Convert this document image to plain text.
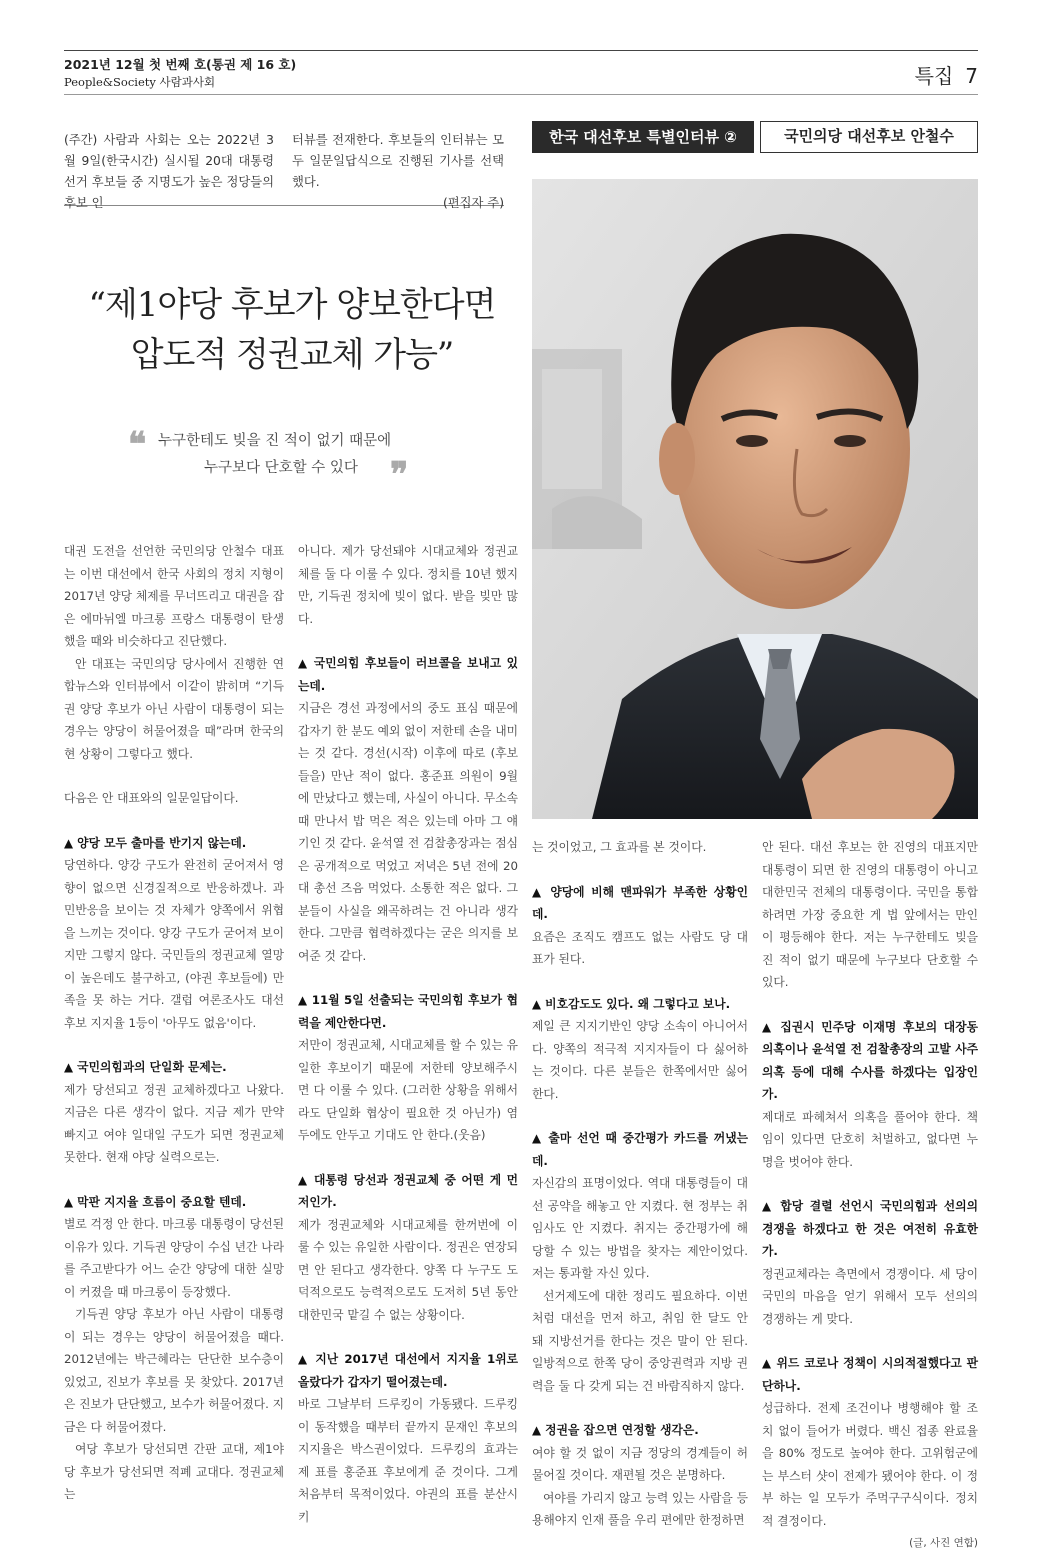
2021년 12월 첫 번째 호(통권 제 16 호)
People&Society 사람과사회	특집 7
(주간) 사람과 사회는 오는 2022년 3월 9일(한국시간) 실시될 20대 대통령선거 후보들 중 지명도가 높은 정당들의 후보 인
터뷰를 전재한다. 후보들의 인터뷰는 모두 일문일답식으로 진행된 기사를 선택했다.
(편집자 주)
한국 대선후보 특별인터뷰 ②	국민의당 대선후보 안철수
“제1야당 후보가 양보한다면
압도적 정권교체 가능”
❝ 누구한테도 빚을 진 적이 없기 때문에
누구보다 단호할 수 있다 ❞

대권 도전을 선언한 국민의당 안철수 대표는 이번 대선에서 한국 사회의 정치 지형이 2017년 양당 체제를 무너뜨리고 대권을 잡은 에마뉘엘 마크롱 프랑스 대통령이 탄생했을 때와 비슷하다고 진단했다.

안 대표는 국민의당 당사에서 진행한 연합뉴스와 인터뷰에서 이같이 밝히며 “기득권 양당 후보가 아닌 사람이 대통령이 되는 경우는 양당이 허물어졌을 때”라며 한국의 현 상황이 그렇다고 했다.

다음은 안 대표와의 일문일답이다.

▲ 양당 모두 출마를 반기지 않는데.

당연하다. 양강 구도가 완전히 굳어져서 영향이 없으면 신경질적으로 반응하겠나. 과민반응을 보이는 것 자체가 양쪽에서 위협을 느끼는 것이다. 양강 구도가 굳어져 보이지만 그렇지 않다. 국민들의 정권교체 열망이 높은데도 불구하고, (야권 후보들에) 만족을 못 하는 거다. 갤럽 여론조사도 대선 후보 지지율 1등이 '아무도 없음'이다.

▲ 국민의힘과의 단일화 문제는.

제가 당선되고 정권 교체하겠다고 나왔다. 지금은 다른 생각이 없다. 지금 제가 만약 빠지고 여야 일대일 구도가 되면 정권교체 못한다. 현재 야당 실력으로는.

▲ 막판 지지율 흐름이 중요할 텐데.

별로 걱정 안 한다. 마크롱 대통령이 당선된 이유가 있다. 기득권 양당이 수십 년간 나라를 주고받다가 어느 순간 양당에 대한 실망이 커졌을 때 마크롱이 등장했다.

기득권 양당 후보가 아닌 사람이 대통령이 되는 경우는 양당이 허물어졌을 때다. 2012년에는 박근혜라는 단단한 보수층이 있었고, 진보가 후보를 못 찾았다. 2017년은 진보가 단단했고, 보수가 허물어졌다. 지금은 다 허물어졌다.

여당 후보가 당선되면 간판 교대, 제1야당 후보가 당선되면 적폐 교대다. 정권교체는

아니다. 제가 당선돼야 시대교체와 정권교체를 둘 다 이룰 수 있다. 정치를 10년 했지만, 기득권 정치에 빚이 없다. 받을 빚만 많다.

▲ 국민의힘 후보들이 러브콜을 보내고 있는데.

지금은 경선 과정에서의 중도 표심 때문에 갑자기 한 분도 예외 없이 저한테 손을 내미는 것 같다. 경선(시작) 이후에 따로 (후보들을) 만난 적이 없다. 홍준표 의원이 9월에 만났다고 했는데, 사실이 아니다. 무소속 때 만나서 밥 먹은 적은 있는데 아마 그 얘기인 것 같다. 윤석열 전 검찰총장과는 점심은 공개적으로 먹었고 저녁은 5년 전에 20대 총선 즈음 먹었다. 소통한 적은 없다. 그분들이 사실을 왜곡하려는 건 아니라 생각한다. 그만큼 협력하겠다는 굳은 의지를 보여준 것 같다.

▲ 11월 5일 선출되는 국민의힘 후보가 협력을 제안한다면.

저만이 정권교체, 시대교체를 할 수 있는 유일한 후보이기 때문에 저한테 양보해주시면 다 이룰 수 있다. (그러한 상황을 위해서라도 단일화 협상이 필요한 것 아닌가) 염두에도 안두고 기대도 안 한다.(웃음)

▲ 대통령 당선과 정권교체 중 어떤 게 먼저인가.

제가 정권교체와 시대교체를 한꺼번에 이룰 수 있는 유일한 사람이다. 정권은 연장되면 안 된다고 생각한다. 양쪽 다 누구도 도덕적으로도 능력적으로도 도저히 5년 동안 대한민국 맡길 수 없는 상황이다.

▲ 지난 2017년 대선에서 지지율 1위로 올랐다가 갑자기 떨어졌는데.

바로 그날부터 드루킹이 가동됐다. 드루킹이 동작했을 때부터 끝까지 문재인 후보의 지지율은 박스권이었다. 드루킹의 효과는 제 표를 홍준표 후보에게 준 것이다. 그게 처음부터 목적이었다. 야권의 표를 분산시키

는 것이었고, 그 효과를 본 것이다.

▲ 양당에 비해 맨파워가 부족한 상황인데.

요즘은 조직도 캠프도 없는 사람도 당 대표가 된다.

▲ 비호감도도 있다. 왜 그렇다고 보나.

제일 큰 지지기반인 양당 소속이 아니어서다. 양쪽의 적극적 지지자들이 다 싫어하는 것이다. 다른 분들은 한쪽에서만 싫어한다.

▲ 출마 선언 때 중간평가 카드를 꺼냈는데.

자신감의 표명이었다. 역대 대통령들이 대선 공약을 해놓고 안 지켰다. 현 정부는 취임사도 안 지켰다. 취지는 중간평가에 해당할 수 있는 방법을 찾자는 제안이었다. 저는 통과할 자신 있다.

선거제도에 대한 정리도 필요하다. 이번처럼 대선을 먼저 하고, 취임 한 달도 안 돼 지방선거를 한다는 것은 말이 안 된다. 일방적으로 한쪽 당이 중앙권력과 지방 권력을 둘 다 갖게 되는 건 바람직하지 않다.

▲ 정권을 잡으면 연정할 생각은.

여야 할 것 없이 지금 정당의 경계들이 허물어질 것이다. 재편될 것은 분명하다.

여야를 가리지 않고 능력 있는 사람을 등용해야지 인재 풀을 우리 편에만 한정하면

안 된다. 대선 후보는 한 진영의 대표지만 대통령이 되면 한 진영의 대통령이 아니고 대한민국 전체의 대통령이다. 국민을 통합하려면 가장 중요한 게 법 앞에서는 만인이 평등해야 한다. 저는 누구한테도 빚을 진 적이 없기 때문에 누구보다 단호할 수 있다.

▲ 집권시 민주당 이재명 후보의 대장동 의혹이나 윤석열 전 검찰총장의 고발 사주 의혹 등에 대해 수사를 하겠다는 입장인가.

제대로 파헤쳐서 의혹을 풀어야 한다. 책임이 있다면 단호히 처벌하고, 없다면 누명을 벗어야 한다.

▲ 합당 결렬 선언시 국민의힘과 선의의 경쟁을 하겠다고 한 것은 여전히 유효한가.

정권교체라는 측면에서 경쟁이다. 세 당이 국민의 마음을 얻기 위해서 모두 선의의 경쟁하는 게 맞다.

▲ 위드 코로나 정책이 시의적절했다고 판단하나.

성급하다. 전제 조건이나 병행해야 할 조치 없이 들어가 버렸다. 백신 접종 완료율을 80% 정도로 높여야 한다. 고위험군에는 부스터 샷이 전제가 됐어야 한다. 이 정부 하는 일 모두가 주먹구구식이다. 정치적 결정이다.

(글, 사진 연합)
